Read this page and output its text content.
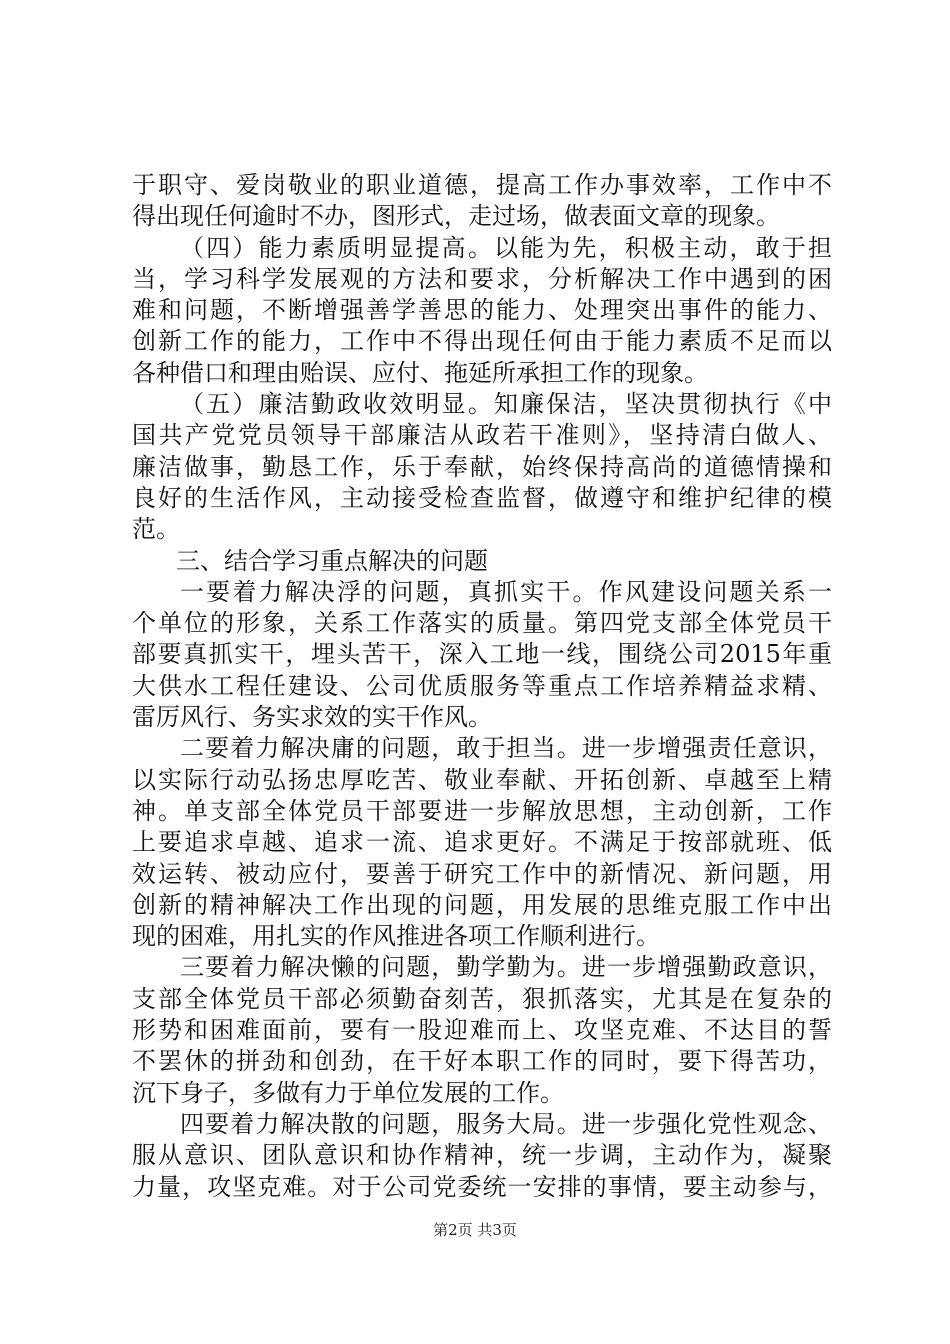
于职守、爱岗敬业的职业道德，提高工作办事效率，工作中不
得出现任何逾时不办，图形式，走过场，做表面文章的现象。
（四）能力素质明显提高。以能为先，积极主动，敢于担
当，学习科学发展观的方法和要求，分析解决工作中遇到的困
难和问题，不断增强善学善思的能力、处理突出事件的能力、
创新工作的能力，工作中不得出现任何由于能力素质不足而以
各种借口和理由贻误、应付、拖延所承担工作的现象。
（五）廉洁勤政收效明显。知廉保洁，坚决贯彻执行《中
国共产党党员领导干部廉洁从政若干准则》，坚持清白做人、
廉洁做事，勤恳工作，乐于奉献，始终保持高尚的道德情操和
良好的生活作风，主动接受检查监督，做遵守和维护纪律的模
范。
三、结合学习重点解决的问题
一要着力解决浮的问题，真抓实干。作风建设问题关系一
个单位的形象，关系工作落实的质量。第四党支部全体党员干
部要真抓实干，埋头苦干，深入工地一线，围绕公司2015年重
大供水工程任建设、公司优质服务等重点工作培养精益求精、
雷厉风行、务实求效的实干作风。
二要着力解决庸的问题，敢于担当。进一步增强责任意识，
以实际行动弘扬忠厚吃苦、敬业奉献、开拓创新、卓越至上精
神。单支部全体党员干部要进一步解放思想，主动创新，工作
上要追求卓越、追求一流、追求更好。不满足于按部就班、低
效运转、被动应付，要善于研究工作中的新情况、新问题，用
创新的精神解决工作出现的问题，用发展的思维克服工作中出
现的困难，用扎实的作风推进各项工作顺利进行。
三要着力解决懒的问题，勤学勤为。进一步增强勤政意识，
支部全体党员干部必须勤奋刻苦，狠抓落实，尤其是在复杂的
形势和困难面前，要有一股迎难而上、攻坚克难、不达目的誓
不罢休的拼劲和创劲，在干好本职工作的同时，要下得苦功，
沉下身子，多做有力于单位发展的工作。
四要着力解决散的问题，服务大局。进一步强化党性观念、
服从意识、团队意识和协作精神，统一步调，主动作为，凝聚
力量，攻坚克难。对于公司党委统一安排的事情，要主动参与，
第2页 共3页
